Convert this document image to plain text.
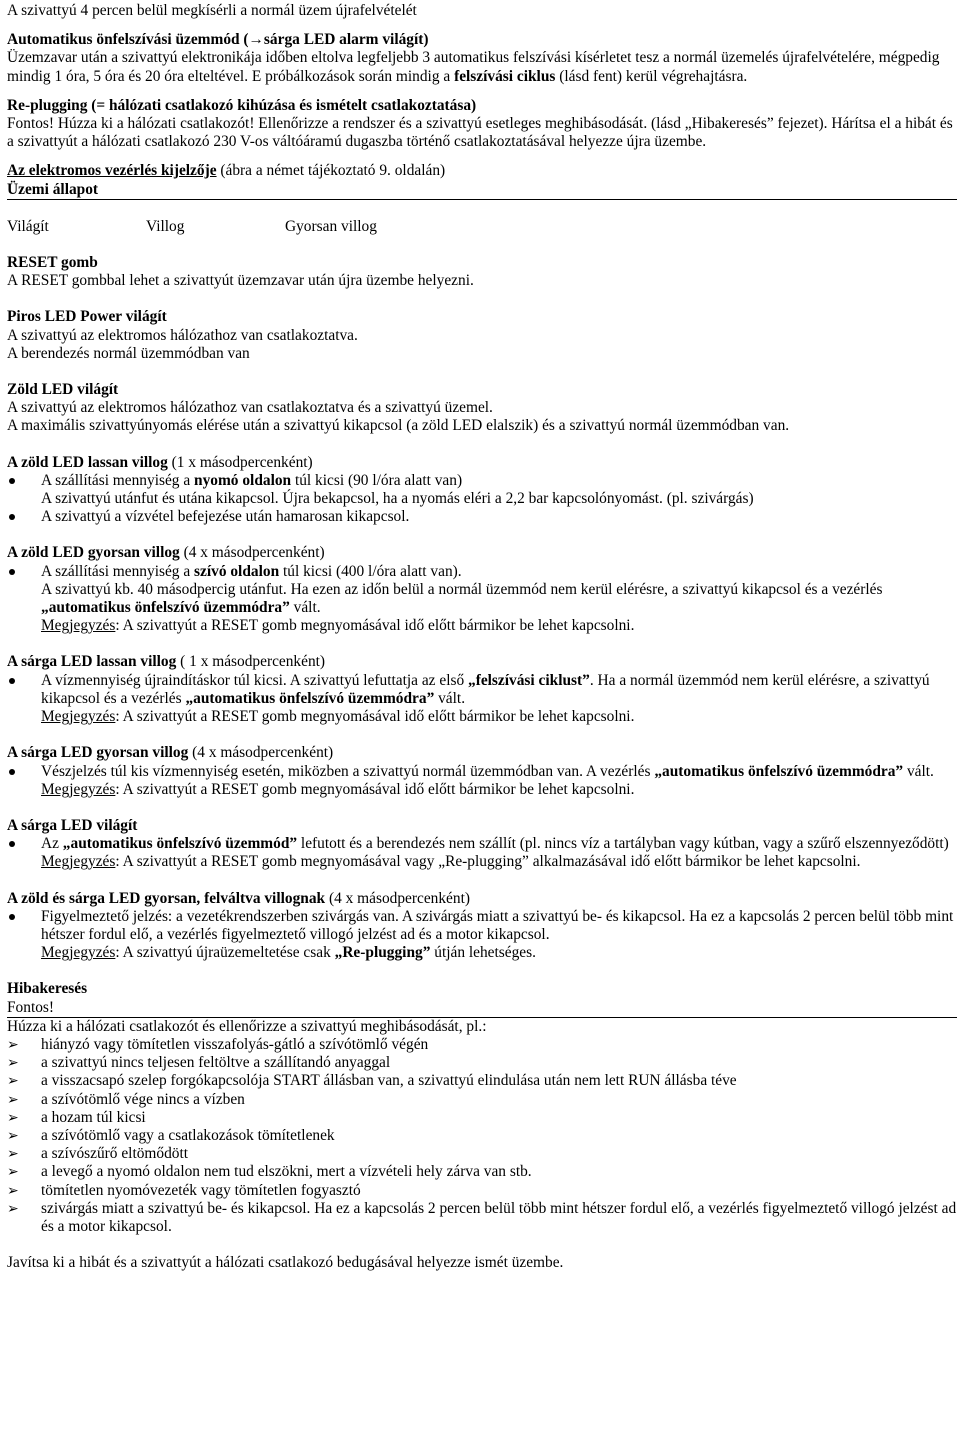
A szivattyú 4 percen belül megkísérli a normál üzem újrafelvételét

Automatikus önfelszívási üzemmód (→sárga LED alarm világít)

Üzemzavar után a szivattyú elektronikája időben eltolva legfeljebb 3 automatikus felszívási kísérletet tesz a normál üzemelés újrafelvételére, mégpedig mindig 1 óra, 5 óra és 20 óra elteltével. E próbálkozások során mindig a felszívási ciklus (lásd fent) kerül végrehajtásra.

Re-plugging (= hálózati csatlakozó kihúzása és ismételt csatlakoztatása)

Fontos! Húzza ki a hálózati csatlakozót! Ellenőrizze a rendszer és a szivattyú esetleges meghibásodását. (lásd „Hibakeresés” fejezet). Hárítsa el a hibát és a szivattyút a hálózati csatlakozó 230 V-os váltóáramú dugaszba történő csatlakoztatásával helyezze újra üzembe.

Az elektromos vezérlés kijelzője (ábra a német tájékoztató 9. oldalán)

Üzemi állapot

Világít	Villog	Gyorsan villog

RESET gomb

A RESET gombbal lehet a szivattyút üzemzavar után újra üzembe helyezni.

Piros LED Power világít

A szivattyú az elektromos hálózathoz van csatlakoztatva.

A berendezés normál üzemmódban van

Zöld LED világít

A szivattyú az elektromos hálózathoz van csatlakoztatva és a szivattyú üzemel.

A maximális szivattyúnyomás elérése után a szivattyú kikapcsol (a zöld LED elalszik) és a szivattyú normál üzemmódban van.

A zöld LED lassan villog (1 x másodpercenként)

A szállítási mennyiség a nyomó oldalon túl kicsi (90 l/óra alatt van)
A szivattyú utánfut és utána kikapcsol. Újra bekapcsol, ha a nyomás eléri a 2,2 bar kapcsolónyomást. (pl. szivárgás)
A szivattyú a vízvétel befejezése után hamarosan kikapcsol.

A zöld LED gyorsan villog (4 x másodpercenként)

A szállítási mennyiség a szívó oldalon túl kicsi (400 l/óra alatt van).
A szivattyú kb. 40 másodpercig utánfut. Ha ezen az időn belül a normál üzemmód nem kerül elérésre, a szivattyú kikapcsol és a vezérlés „automatikus önfelszívó üzemmódra” vált.
Megjegyzés: A szivattyút a RESET gomb megnyomásával idő előtt bármikor be lehet kapcsolni.

A sárga LED lassan villog ( 1 x másodpercenként)

A vízmennyiség újraindításkor túl kicsi. A szivattyú lefuttatja az első „felszívási ciklust”. Ha a normál üzemmód nem kerül elérésre, a szivattyú kikapcsol és a vezérlés „automatikus önfelszívó üzemmódra” vált.
Megjegyzés: A szivattyút a RESET gomb megnyomásával idő előtt bármikor be lehet kapcsolni.

A sárga LED gyorsan villog (4 x másodpercenként)

Vészjelzés túl kis vízmennyiség esetén, miközben a szivattyú normál üzemmódban van. A vezérlés „automatikus önfelszívó üzemmódra” vált.
Megjegyzés: A szivattyút a RESET gomb megnyomásával idő előtt bármikor be lehet kapcsolni.

A sárga LED világít

Az „automatikus önfelszívó üzemmód” lefutott és a berendezés nem szállít (pl. nincs víz a tartályban vagy kútban, vagy a szűrő elszennyeződött)
Megjegyzés: A szivattyút a RESET gomb megnyomásával vagy „Re-plugging” alkalmazásával idő előtt bármikor be lehet kapcsolni.

A zöld és sárga LED gyorsan, felváltva villognak (4 x másodpercenként)

Figyelmeztető jelzés: a vezetékrendszerben szivárgás van. A szivárgás miatt a szivattyú be- és kikapcsol. Ha ez a kapcsolás 2 percen belül több mint hétszer fordul elő, a vezérlés figyelmeztető villogó jelzést ad és a motor kikapcsol.
Megjegyzés: A szivattyú újraüzemeltetése csak „Re-plugging” útján lehetséges.

Hibakeresés

Fontos!

Húzza ki a hálózati csatlakozót és ellenőrizze a szivattyú meghibásodását, pl.:

➢ hiányzó vagy tömítetlen visszafolyás-gátló a szívótömlő végén
➢ a szivattyú nincs teljesen feltöltve a szállítandó anyaggal
➢ a visszacsapó szelep forgókapcsolója START állásban van, a szivattyú elindulása után nem lett RUN állásba téve
➢ a szívótömlő vége nincs a vízben
➢ a hozam túl kicsi
➢ a szívótömlő vagy a csatlakozások tömítetlenek
➢ a szívószűrő eltömődött
➢ a levegő a nyomó oldalon nem tud elszökni, mert a vízvételi hely zárva van stb.
➢ tömítetlen nyomóvezeték vagy tömítetlen fogyasztó
➢ szivárgás miatt a szivattyú be- és kikapcsol. Ha ez a kapcsolás 2 percen belül több mint hétszer fordul elő, a vezérlés figyelmeztető villogó jelzést ad és a motor kikapcsol.

Javítsa ki a hibát és a szivattyút a hálózati csatlakozó bedugásával helyezze ismét üzembe.
